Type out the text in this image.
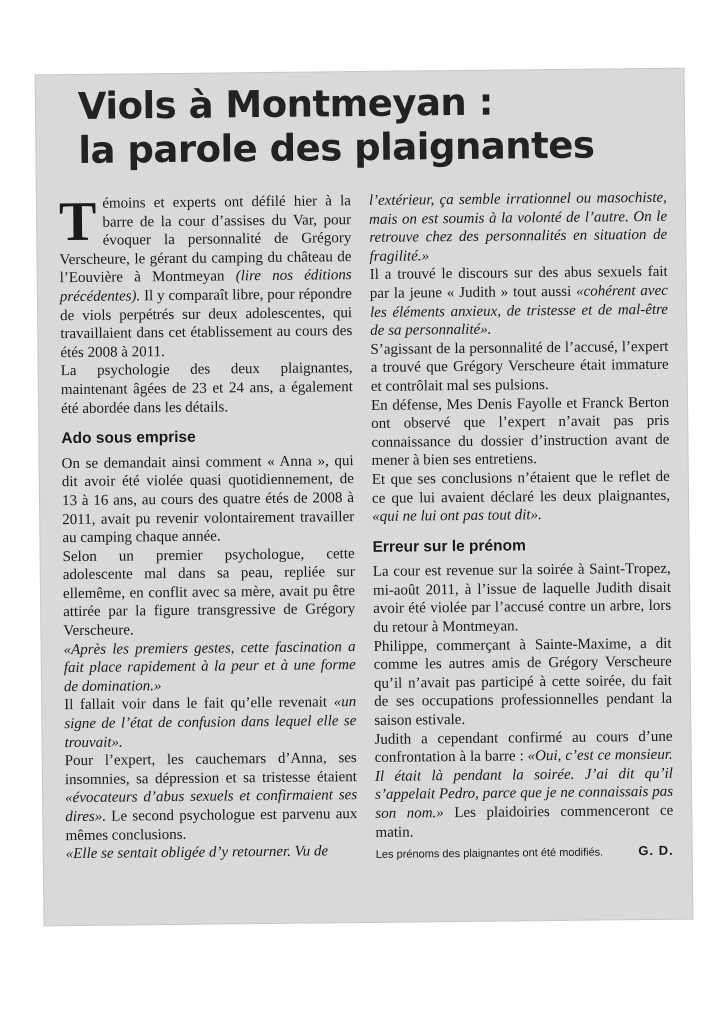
Viols à Montmeyan :
la parole des plaignantes

Témoins et experts ont défilé hier à la barre de la cour d’assises du Var, pour évoquer la personnalité de Grégory Verscheure, le gérant du camping du château de l’Eouvière à Montmeyan (lire nos éditions précédentes). Il y comparaît libre, pour répondre de viols perpétrés sur deux adolescentes, qui travaillaient dans cet établissement au cours des étés 2008 à 2011.

La psychologie des deux plaignantes, maintenant âgées de 23 et 24 ans, a également été abordée dans les détails.

Ado sous emprise

On se demandait ainsi comment « Anna », qui dit avoir été violée quasi quotidiennement, de 13 à 16 ans, au cours des quatre étés de 2008 à 2011, avait pu revenir volontairement travailler au camping chaque année.

Selon un premier psychologue, cette adolescente mal dans sa peau, repliée sur ellemême, en conflit avec sa mère, avait pu être attirée par la figure transgressive de Grégory Verscheure.

«Après les premiers gestes, cette fascination a fait place rapidement à la peur et à une forme de domination.»

Il fallait voir dans le fait qu’elle revenait «un signe de l’état de confusion dans lequel elle se trouvait».

Pour l’expert, les cauchemars d’Anna, ses insomnies, sa dépression et sa tristesse étaient «évocateurs d’abus sexuels et confirmaient ses dires». Le second psychologue est parvenu aux mêmes conclusions.

«Elle se sentait obligée d’y retourner. Vu de

l’extérieur, ça semble irrationnel ou masochiste, mais on est soumis à la volonté de l’autre. On le retrouve chez des personnalités en situation de fragilité.»

Il a trouvé le discours sur des abus sexuels fait par la jeune « Judith » tout aussi «cohérent avec les éléments anxieux, de tristesse et de mal-être de sa personnalité».

S’agissant de la personnalité de l’accusé, l’expert a trouvé que Grégory Verscheure était immature et contrôlait mal ses pulsions.

En défense, Mes Denis Fayolle et Franck Berton ont observé que l’expert n’avait pas pris connaissance du dossier d’instruction avant de mener à bien ses entretiens.

Et que ses conclusions n’étaient que le reflet de ce que lui avaient déclaré les deux plaignantes, «qui ne lui ont pas tout dit».

Erreur sur le prénom

La cour est revenue sur la soirée à Saint-Tropez, mi-août 2011, à l’issue de laquelle Judith disait avoir été violée par l’accusé contre un arbre, lors du retour à Montmeyan.

Philippe, commerçant à Sainte-Maxime, a dit comme les autres amis de Grégory Verscheure qu’il n’avait pas participé à cette soirée, du fait de ses occupations professionnelles pendant la saison estivale.

Judith a cependant confirmé au cours d’une confrontation à la barre : «Oui, c’est ce monsieur. Il était là pendant la soirée. J’ai dit qu’il s’appelait Pedro, parce que je ne connaissais pas son nom.» Les plaidoiries commenceront ce matin.

Les prénoms des plaignantes ont été modifiés.	G. D.
